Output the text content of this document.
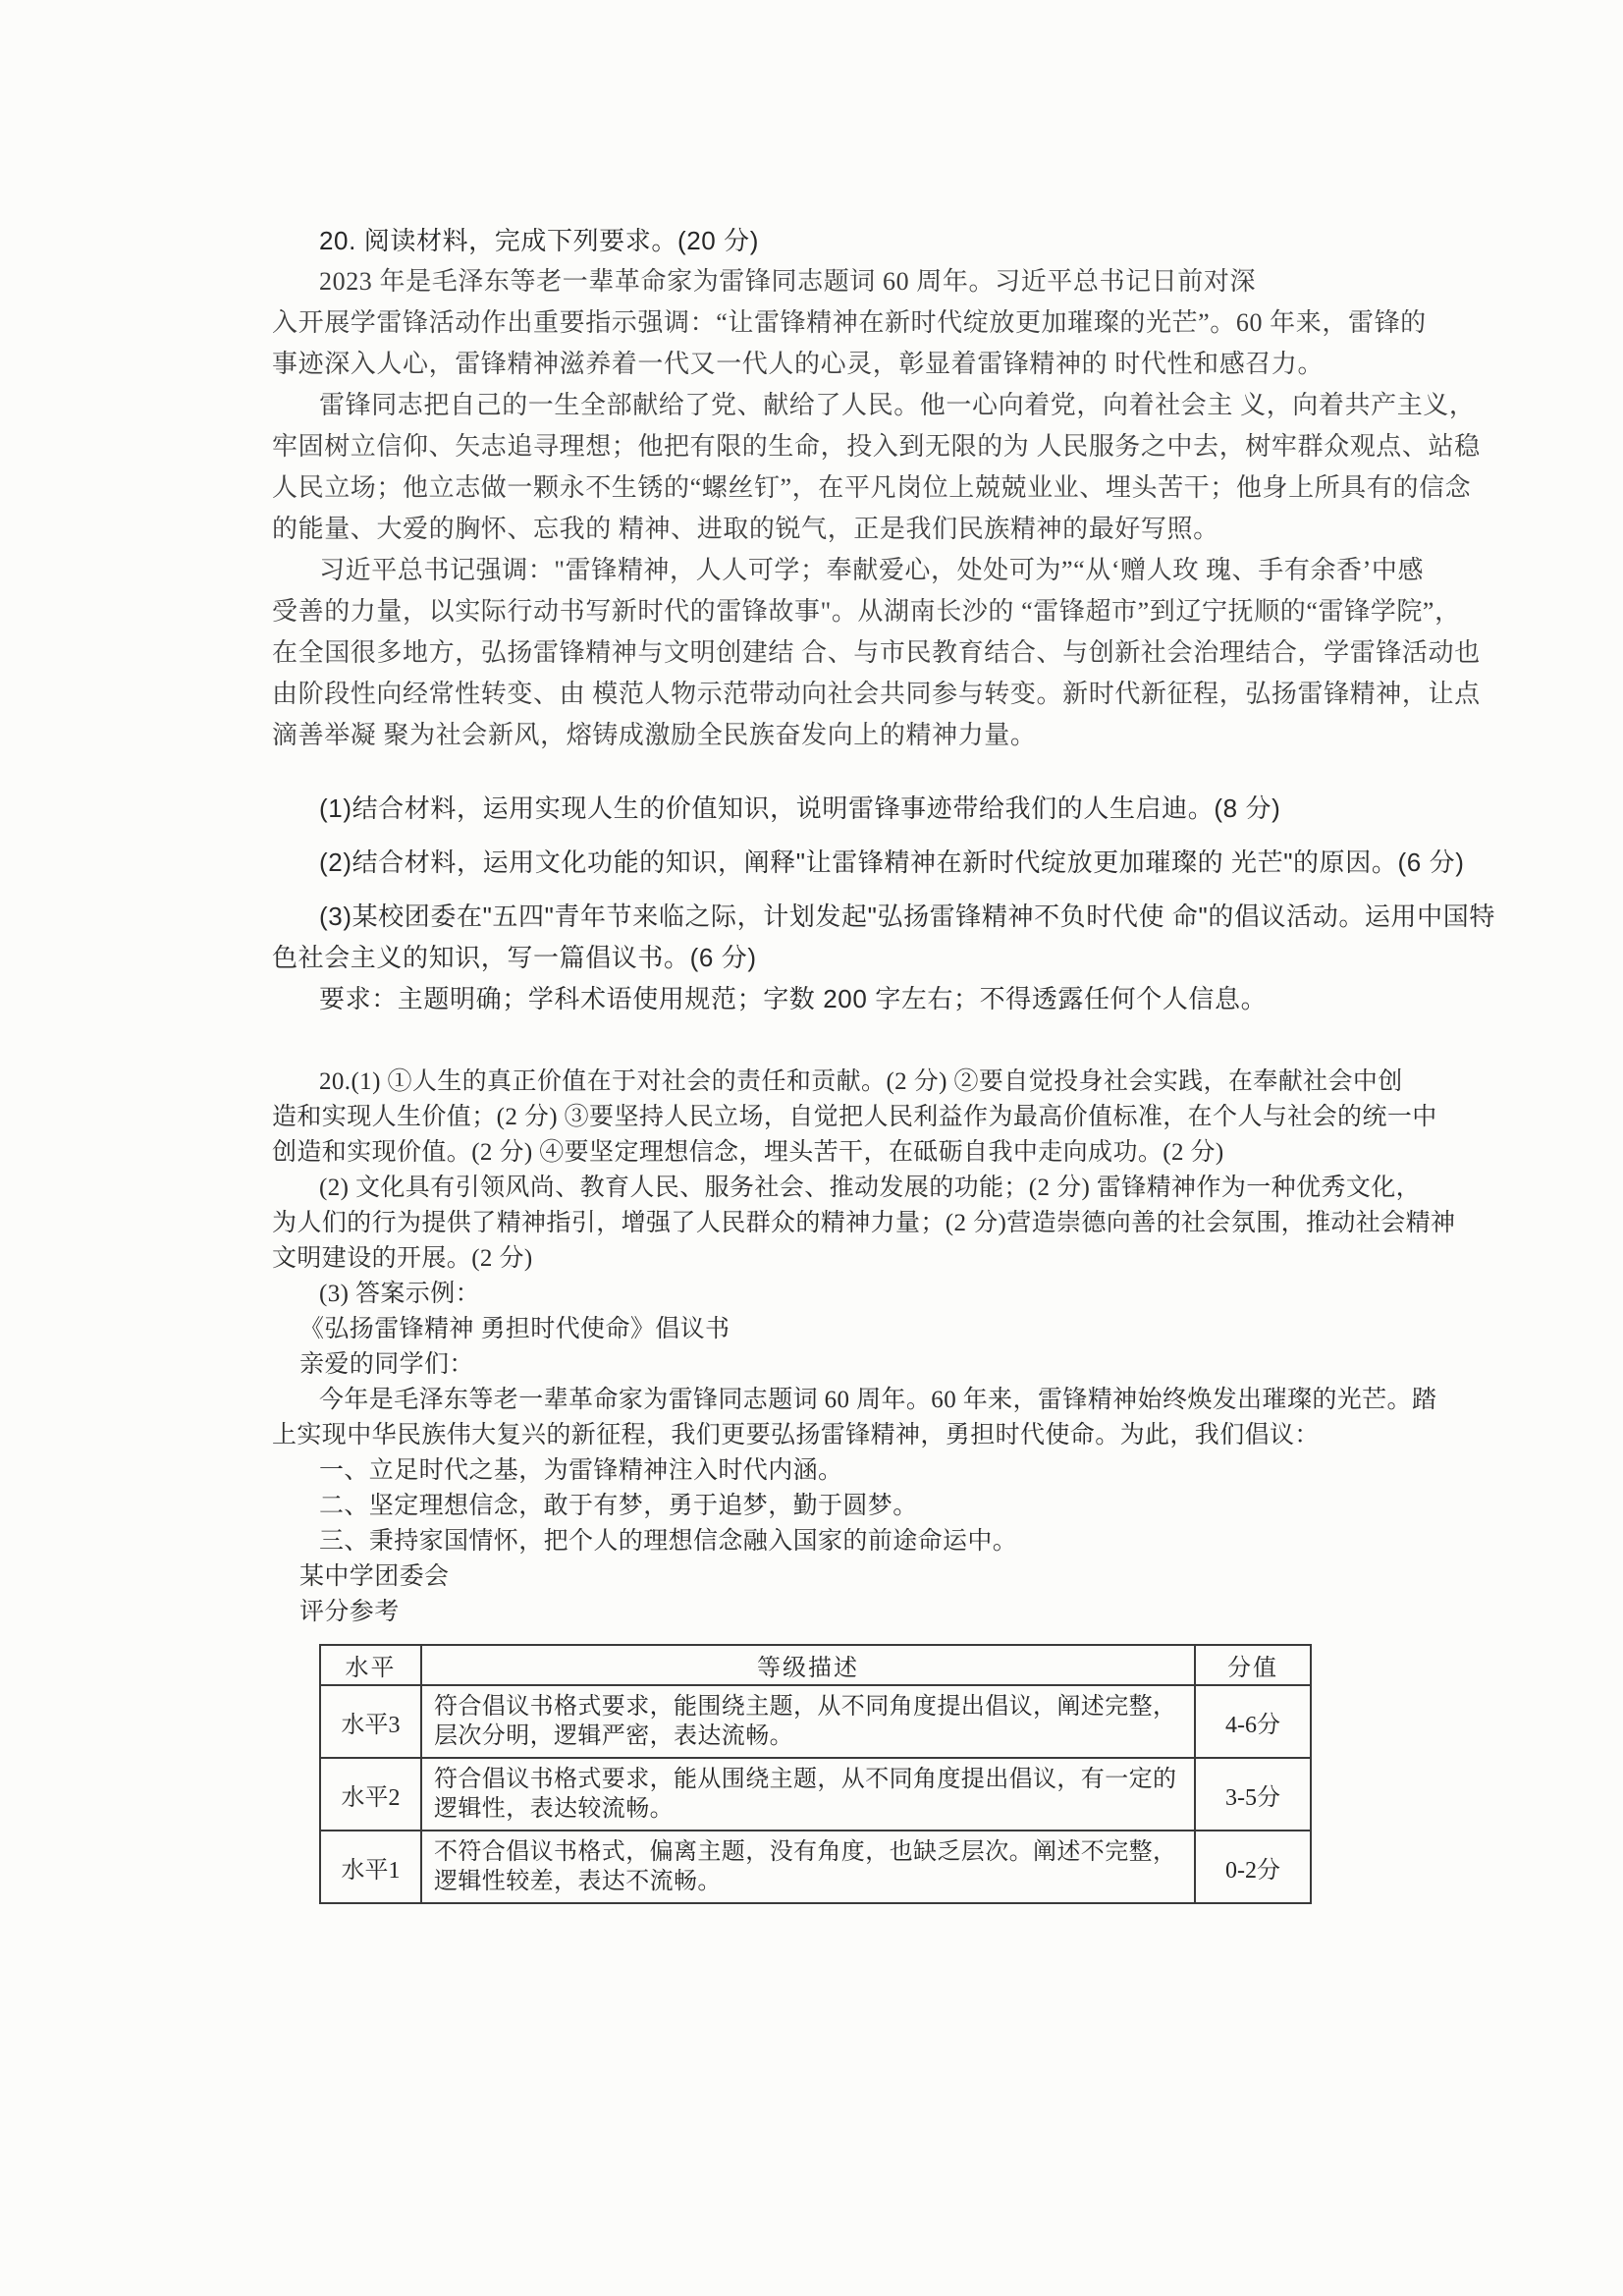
20. 阅读材料，完成下列要求。(20 分)
2023 年是毛泽东等老一辈革命家为雷锋同志题词 60 周年。习近平总书记日前对深
入开展学雷锋活动作出重要指示强调：“让雷锋精神在新时代绽放更加璀璨的光芒”。60 年来，雷锋的
事迹深入人心，雷锋精神滋养着一代又一代人的心灵，彰显着雷锋精神的 时代性和感召力。
雷锋同志把自己的一生全部献给了党、献给了人民。他一心向着党，向着社会主 义，向着共产主义，
牢固树立信仰、矢志追寻理想；他把有限的生命，投入到无限的为 人民服务之中去，树牢群众观点、站稳
人民立场；他立志做一颗永不生锈的“螺丝钉”，在平凡岗位上兢兢业业、埋头苦干；他身上所具有的信念
的能量、大爱的胸怀、忘我的 精神、进取的锐气，正是我们民族精神的最好写照。
习近平总书记强调："雷锋精神，人人可学；奉献爱心，处处可为”“从‘赠人玫 瑰、手有余香’中感
受善的力量，以实际行动书写新时代的雷锋故事"。从湖南长沙的 “雷锋超市”到辽宁抚顺的“雷锋学院”，
在全国很多地方，弘扬雷锋精神与文明创建结 合、与市民教育结合、与创新社会治理结合，学雷锋活动也
由阶段性向经常性转变、由 模范人物示范带动向社会共同参与转变。新时代新征程，弘扬雷锋精神，让点
滴善举凝 聚为社会新风，熔铸成激励全民族奋发向上的精神力量。
(1)结合材料，运用实现人生的价值知识，说明雷锋事迹带给我们的人生启迪。(8 分)
(2)结合材料，运用文化功能的知识，阐释"让雷锋精神在新时代绽放更加璀璨的 光芒"的原因。(6 分)
(3)某校团委在"五四"青年节来临之际，计划发起"弘扬雷锋精神不负时代使 命"的倡议活动。运用中国特
色社会主义的知识，写一篇倡议书。(6 分)
要求：主题明确；学科术语使用规范；字数 200 字左右；不得透露任何个人信息。
20.(1) ①人生的真正价值在于对社会的责任和贡献。(2 分) ②要自觉投身社会实践，在奉献社会中创
造和实现人生价值；(2 分) ③要坚持人民立场，自觉把人民利益作为最高价值标准，在个人与社会的统一中
创造和实现价值。(2 分) ④要坚定理想信念，埋头苦干，在砥砺自我中走向成功。(2 分)
(2) 文化具有引领风尚、教育人民、服务社会、推动发展的功能；(2 分) 雷锋精神作为一种优秀文化，
为人们的行为提供了精神指引，增强了人民群众的精神力量；(2 分)营造崇德向善的社会氛围，推动社会精神
文明建设的开展。(2 分)
(3) 答案示例：
《弘扬雷锋精神 勇担时代使命》倡议书
亲爱的同学们：
今年是毛泽东等老一辈革命家为雷锋同志题词 60 周年。60 年来，雷锋精神始终焕发出璀璨的光芒。踏
上实现中华民族伟大复兴的新征程，我们更要弘扬雷锋精神，勇担时代使命。为此，我们倡议：
一、立足时代之基，为雷锋精神注入时代内涵。
二、坚定理想信念，敢于有梦，勇于追梦，勤于圆梦。
三、秉持家国情怀，把个人的理想信念融入国家的前途命运中。
某中学团委会
评分参考
水平	等级描述	分值
水平3	符合倡议书格式要求，能围绕主题，从不同角度提出倡议，阐述完整，层次分明，逻辑严密，表达流畅。	4-6分
水平2	符合倡议书格式要求，能从围绕主题，从不同角度提出倡议，有一定的逻辑性，表达较流畅。	3-5分
水平1	不符合倡议书格式，偏离主题，没有角度，也缺乏层次。阐述不完整，逻辑性较差，表达不流畅。	0-2分
